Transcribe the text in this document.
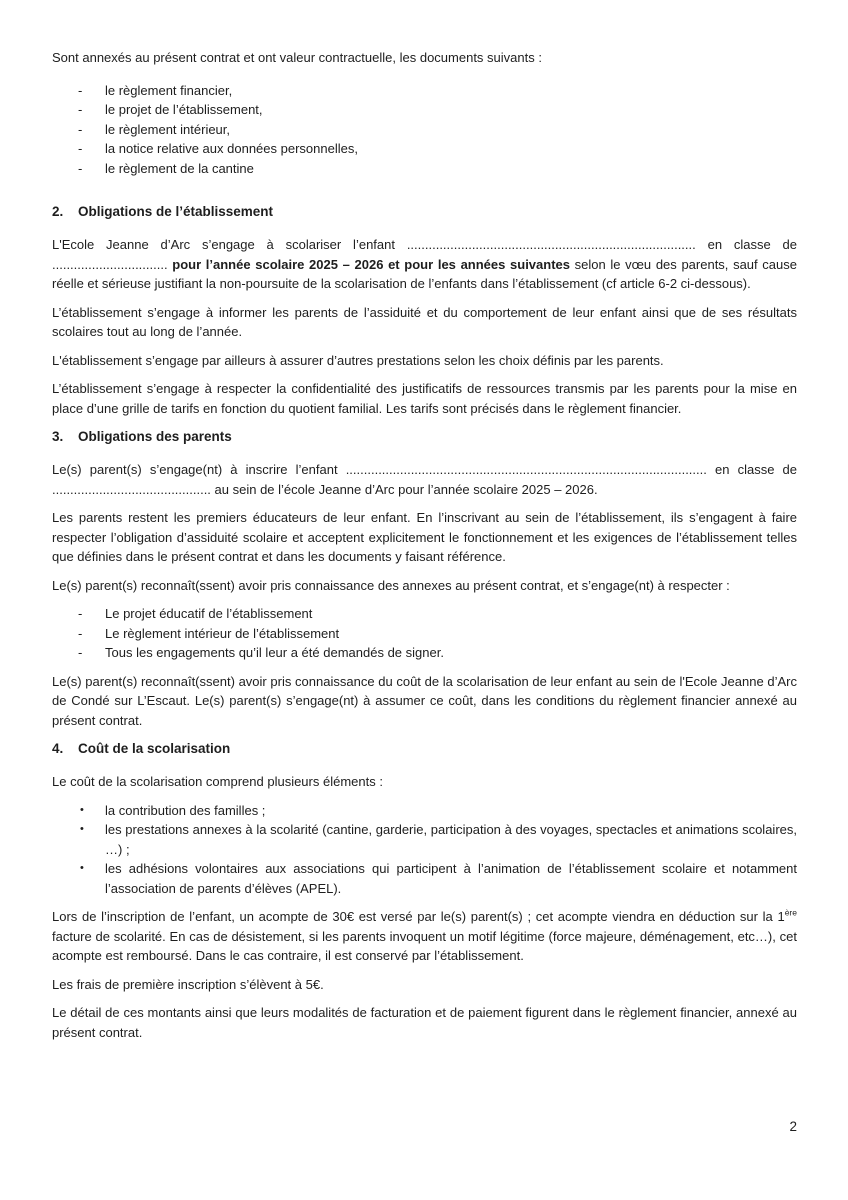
Sont annexés au présent contrat et ont valeur contractuelle, les documents suivants :

-	le règlement financier,
-	le projet de l’établissement,
-	le règlement intérieur,
-	la notice relative aux données personnelles,
-	le règlement de la cantine
2.	Obligations de l’établissement

L'Ecole Jeanne d’Arc s’engage à scolariser l’enfant ................................................................................ en classe de ................................ pour l’année scolaire 2025 – 2026 et pour les années suivantes selon le vœu des parents, sauf cause réelle et sérieuse justifiant la non-poursuite de la scolarisation de l’enfants dans l’établissement (cf article 6-2 ci-dessous).

L’établissement s’engage à informer les parents de l’assiduité et du comportement de leur enfant ainsi que de ses résultats scolaires tout au long de l’année.

L'établissement s’engage par ailleurs à assurer d’autres prestations selon les choix définis par les parents.

L’établissement s’engage à respecter la confidentialité des justificatifs de ressources transmis par les parents pour la mise en place d’une grille de tarifs en fonction du quotient familial. Les tarifs sont précisés dans le règlement financier.

3.	Obligations des parents

Le(s) parent(s) s’engage(nt) à inscrire l’enfant .................................................................................................... en classe de ............................................ au sein de l’école Jeanne d’Arc pour l’année scolaire 2025 – 2026.

Les parents restent les premiers éducateurs de leur enfant. En l’inscrivant au sein de l’établissement, ils s’engagent à faire respecter l’obligation d’assiduité scolaire et acceptent explicitement le fonctionnement et les exigences de l’établissement telles que définies dans le présent contrat et dans les documents y faisant référence.

Le(s) parent(s) reconnaît(ssent) avoir pris connaissance des annexes au présent contrat, et s’engage(nt) à respecter :

-	Le projet éducatif de l’établissement
-	Le règlement intérieur de l’établissement
-	Tous les engagements qu’il leur a été demandés de signer.

Le(s) parent(s) reconnaît(ssent) avoir pris connaissance du coût de la scolarisation de leur enfant au sein de l'Ecole Jeanne d’Arc de Condé sur L’Escaut. Le(s) parent(s) s’engage(nt) à assumer ce coût, dans les conditions du règlement financier annexé au présent contrat.

4.	Coût de la scolarisation

Le coût de la scolarisation comprend plusieurs éléments :

•	la contribution des familles ;
•	les prestations annexes à la scolarité (cantine, garderie, participation à des voyages, spectacles et animations scolaires, …) ;
•	les adhésions volontaires aux associations qui participent à l’animation de l’établissement scolaire et notamment l’association de parents d’élèves (APEL).

Lors de l’inscription de l’enfant, un acompte de 30€ est versé par le(s) parent(s) ; cet acompte viendra en déduction sur la 1ère facture de scolarité. En cas de désistement, si les parents invoquent un motif légitime (force majeure, déménagement, etc…), cet acompte est remboursé. Dans le cas contraire, il est conservé par l’établissement.

Les frais de première inscription s’élèvent à 5€.

Le détail de ces montants ainsi que leurs modalités de facturation et de paiement figurent dans le règlement financier, annexé au présent contrat.

2
